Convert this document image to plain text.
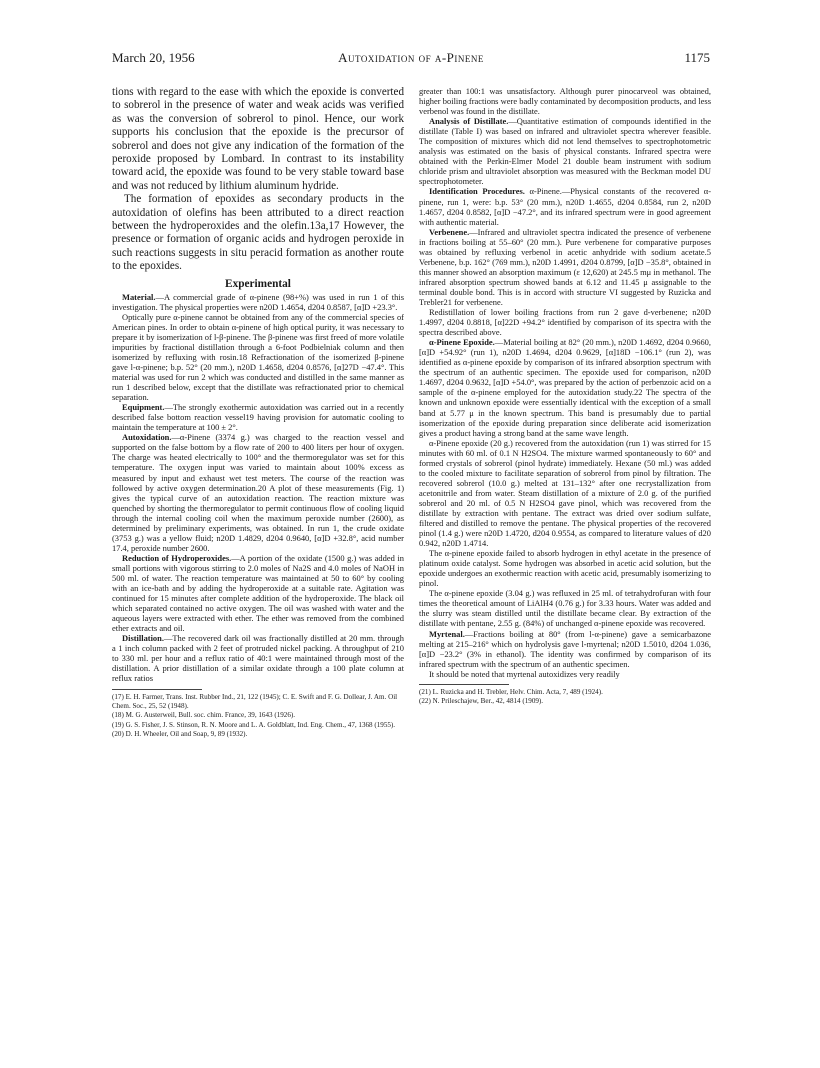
March 20, 1956	Autoxidation of α-Pinene	1175

tions with regard to the ease with which the epoxide is converted to sobrerol in the presence of water and weak acids was verified as was the conversion of sobrerol to pinol. Hence, our work supports his conclusion that the epoxide is the precursor of sobrerol and does not give any indication of the formation of the peroxide proposed by Lombard. In contrast to its instability toward acid, the epoxide was found to be very stable toward base and was not reduced by lithium aluminum hydride.

The formation of epoxides as secondary products in the autoxidation of olefins has been attributed to a direct reaction between the hydroperoxides and the olefin.13a,17 However, the presence or formation of organic acids and hydrogen peroxide in such reactions suggests in situ peracid formation as another route to the epoxides.

Experimental

Material.—A commercial grade of α-pinene (98+%) was used in run 1 of this investigation. The physical properties were n20D 1.4654, d204 0.8587, [α]D +23.3°.

Optically pure α-pinene cannot be obtained from any of the commercial species of American pines. In order to obtain α-pinene of high optical purity, it was necessary to prepare it by isomerization of l-β-pinene. The β-pinene was first freed of more volatile impurities by fractional distillation through a 6-foot Podbielniak column and then isomerized by refluxing with rosin.18 Refractionation of the isomerized β-pinene gave l-α-pinene; b.p. 52° (20 mm.), n20D 1.4658, d204 0.8576, [α]27D −47.4°. This material was used for run 2 which was conducted and distilled in the same manner as run 1 described below, except that the distillate was refractionated prior to chemical separation.

Equipment.—The strongly exothermic autoxidation was carried out in a recently described false bottom reaction vessel19 having provision for automatic cooling to maintain the temperature at 100 ± 2°.

Autoxidation.—α-Pinene (3374 g.) was charged to the reaction vessel and supported on the false bottom by a flow rate of 200 to 400 liters per hour of oxygen. The charge was heated electrically to 100° and the thermoregulator was set for this temperature. The oxygen input was varied to maintain about 100% excess as measured by input and exhaust wet test meters. The course of the reaction was followed by active oxygen determination.20 A plot of these measurements (Fig. 1) gives the typical curve of an autoxidation reaction. The reaction mixture was quenched by shorting the thermoregulator to permit continuous flow of cooling liquid through the internal cooling coil when the maximum peroxide number (2600), as determined by preliminary experiments, was obtained. In run 1, the crude oxidate (3753 g.) was a yellow fluid; n20D 1.4829, d204 0.9640, [α]D +32.8°, acid number 17.4, peroxide number 2600.

Reduction of Hydroperoxides.—A portion of the oxidate (1500 g.) was added in small portions with vigorous stirring to 2.0 moles of Na2S and 4.0 moles of NaOH in 500 ml. of water. The reaction temperature was maintained at 50 to 60° by cooling with an ice-bath and by adding the hydroperoxide at a suitable rate. Agitation was continued for 15 minutes after complete addition of the hydroperoxide. The black oil which separated contained no active oxygen. The oil was washed with water and the aqueous layers were extracted with ether. The ether was removed from the combined ether extracts and oil.

Distillation.—The recovered dark oil was fractionally distilled at 20 mm. through a 1 inch column packed with 2 feet of protruded nickel packing. A throughput of 210 to 330 ml. per hour and a reflux ratio of 40:1 were maintained through most of the distillation. A prior distillation of a similar oxidate through a 100 plate column at reflux ratios

(17) E. H. Farmer, Trans. Inst. Rubber Ind., 21, 122 (1945); C. E. Swift and F. G. Dollear, J. Am. Oil Chem. Soc., 25, 52 (1948).

(18) M. G. Austerweil, Bull. soc. chim. France, 39, 1643 (1926).

(19) G. S. Fisher, J. S. Stinson, R. N. Moore and L. A. Goldblatt, Ind. Eng. Chem., 47, 1368 (1955).

(20) D. H. Wheeler, Oil and Soap, 9, 89 (1932).

greater than 100:1 was unsatisfactory. Although purer pinocarveol was obtained, higher boiling fractions were badly contaminated by decomposition products, and less verbenol was found in the distillate.

Analysis of Distillate.—Quantitative estimation of compounds identified in the distillate (Table I) was based on infrared and ultraviolet spectra wherever feasible. The composition of mixtures which did not lend themselves to spectrophotometric analysis was estimated on the basis of physical constants. Infrared spectra were obtained with the Perkin-Elmer Model 21 double beam instrument with sodium chloride prism and ultraviolet absorption was measured with the Beckman model DU spectrophotometer.

Identification Procedures. α-Pinene.—Physical constants of the recovered α-pinene, run 1, were: b.p. 53° (20 mm.), n20D 1.4655, d204 0.8584, run 2, n20D 1.4657, d204 0.8582, [α]D −47.2°, and its infrared spectrum were in good agreement with authentic material.

Verbenene.—Infrared and ultraviolet spectra indicated the presence of verbenene in fractions boiling at 55–60° (20 mm.). Pure verbenene for comparative purposes was obtained by refluxing verbenol in acetic anhydride with sodium acetate.5 Verbenene, b.p. 162° (769 mm.), n20D 1.4991, d204 0.8799, [α]D −35.8°, obtained in this manner showed an absorption maximum (ε 12,620) at 245.5 mμ in methanol. The infrared absorption spectrum showed bands at 6.12 and 11.45 μ assignable to the terminal double bond. This is in accord with structure VI suggested by Ruzicka and Trebler21 for verbenene.

Redistillation of lower boiling fractions from run 2 gave d-verbenene; n20D 1.4997, d204 0.8818, [α]22D +94.2° identified by comparison of its spectra with the spectra described above.

α-Pinene Epoxide.—Material boiling at 82° (20 mm.), n20D 1.4692, d204 0.9660, [α]D +54.92° (run 1), n20D 1.4694, d204 0.9629, [α]18D −106.1° (run 2), was identified as α-pinene epoxide by comparison of its infrared absorption spectrum with the spectrum of an authentic specimen. The epoxide used for comparison, n20D 1.4697, d204 0.9632, [α]D +54.0°, was prepared by the action of perbenzoic acid on a sample of the α-pinene employed for the autoxidation study.22 The spectra of the known and unknown epoxide were essentially identical with the exception of a small band at 5.77 μ in the known spectrum. This band is presumably due to partial isomerization of the epoxide during preparation since deliberate acid isomerization gives a product having a strong band at the same wave length.

α-Pinene epoxide (20 g.) recovered from the autoxidation (run 1) was stirred for 15 minutes with 60 ml. of 0.1 N H2SO4. The mixture warmed spontaneously to 60° and formed crystals of sobrerol (pinol hydrate) immediately. Hexane (50 ml.) was added to the cooled mixture to facilitate separation of sobrerol from pinol by filtration. The recovered sobrerol (10.0 g.) melted at 131–132° after one recrystallization from acetonitrile and from water. Steam distillation of a mixture of 2.0 g. of the purified sobrerol and 20 ml. of 0.5 N H2SO4 gave pinol, which was recovered from the distillate by extraction with pentane. The extract was dried over sodium sulfate, filtered and distilled to remove the pentane. The physical properties of the recovered pinol (1.4 g.) were n20D 1.4720, d204 0.9554, as compared to literature values of d20 0.942, n20D 1.4714.

The α-pinene epoxide failed to absorb hydrogen in ethyl acetate in the presence of platinum oxide catalyst. Some hydrogen was absorbed in acetic acid solution, but the epoxide undergoes an exothermic reaction with acetic acid, presumably isomerizing to pinol.

The α-pinene epoxide (3.04 g.) was refluxed in 25 ml. of tetrahydrofuran with four times the theoretical amount of LiAlH4 (0.76 g.) for 3.33 hours. Water was added and the slurry was steam distilled until the distillate became clear. By extraction of the distillate with pentane, 2.55 g. (84%) of unchanged α-pinene epoxide was recovered.

Myrtenal.—Fractions boiling at 80° (from l-α-pinene) gave a semicarbazone melting at 215–216° which on hydrolysis gave l-myrtenal; n20D 1.5010, d204 1.036, [α]D −23.2° (3% in ethanol). The identity was confirmed by comparison of its infrared spectrum with the spectrum of an authentic specimen.

It should be noted that myrtenal autoxidizes very readily

(21) L. Ruzicka and H. Trebler, Helv. Chim. Acta, 7, 489 (1924).

(22) N. Prileschajew, Ber., 42, 4814 (1909).
